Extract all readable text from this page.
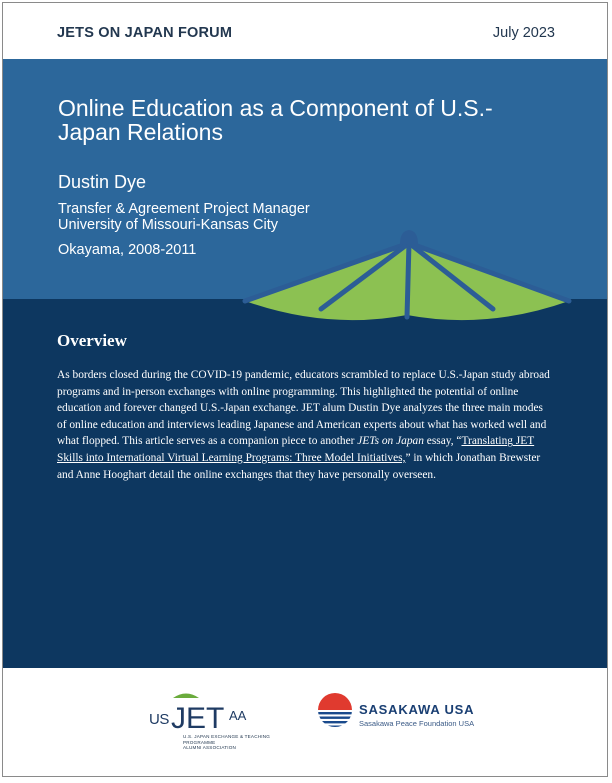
JETS ON JAPAN FORUM	July 2023
Online Education as a Component of U.S.-Japan Relations
Dustin Dye
Transfer & Agreement Project Manager
University of Missouri-Kansas City
Okayama, 2008-2011
Overview
As borders closed during the COVID-19 pandemic, educators scrambled to replace U.S.-Japan study abroad programs and in-person exchanges with online programming. This highlighted the potential of online education and forever changed U.S.-Japan exchange. JET alum Dustin Dye analyzes the three main modes of online education and interviews leading Japanese and American experts about what has worked well and what flopped. This article serves as a companion piece to another JETs on Japan essay, “Translating JET Skills into International Virtual Learning Programs: Three Model Initiatives,” in which Jonathan Brewster and Anne Hooghart detail the online exchanges that they have personally overseen.
US JET AA
U.S. JAPAN EXCHANGE & TEACHING PROGRAMME
ALUMNI ASSOCIATION
SASAKAWA USA
Sasakawa Peace Foundation USA
